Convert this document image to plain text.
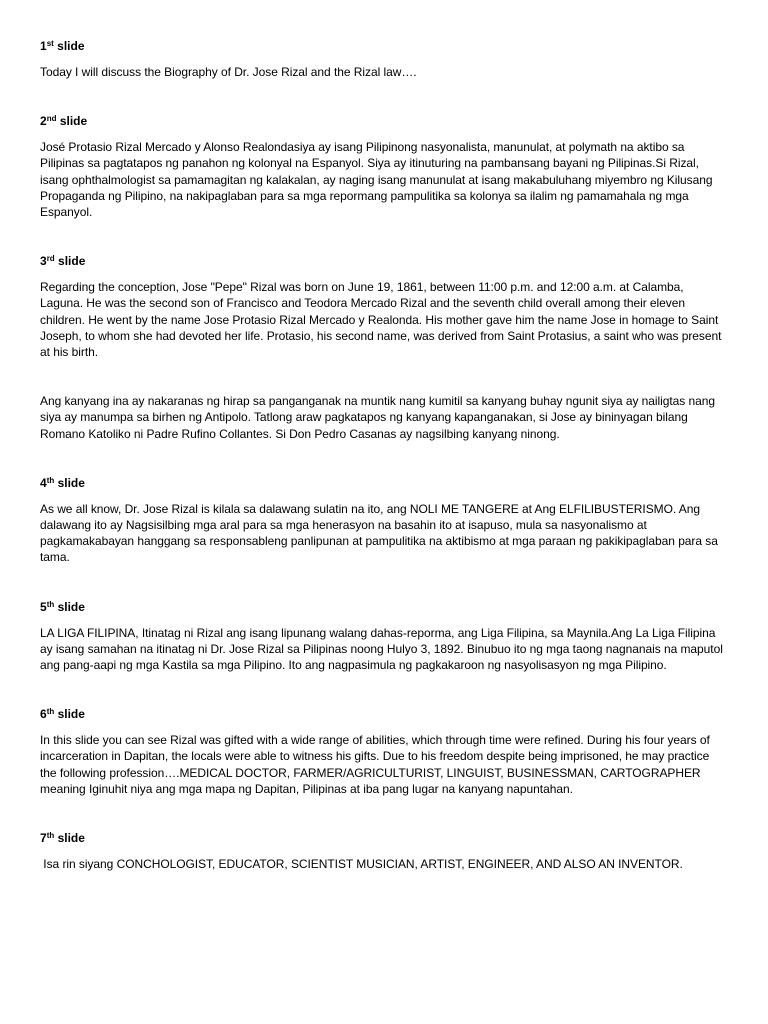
1st slide

Today I will discuss the Biography of Dr. Jose Rizal and the Rizal law….

2nd slide

José Protasio Rizal Mercado y Alonso Realondasiya ay isang Pilipinong nasyonalista, manunulat, at polymath na aktibo sa Pilipinas sa pagtatapos ng panahon ng kolonyal na Espanyol. Siya ay itinuturing na pambansang bayani ng Pilipinas.Si Rizal, isang ophthalmologist sa pamamagitan ng kalakalan, ay naging isang manunulat at isang makabuluhang miyembro ng Kilusang Propaganda ng Pilipino, na nakipaglaban para sa mga repormang pampulitika sa kolonya sa ilalim ng pamamahala ng mga Espanyol.

3rd slide

Regarding the conception, Jose "Pepe" Rizal was born on June 19, 1861, between 11:00 p.m. and 12:00 a.m. at Calamba, Laguna. He was the second son of Francisco and Teodora Mercado Rizal and the seventh child overall among their eleven children. He went by the name Jose Protasio Rizal Mercado y Realonda. His mother gave him the name Jose in homage to Saint Joseph, to whom she had devoted her life. Protasio, his second name, was derived from Saint Protasius, a saint who was present at his birth.

Ang kanyang ina ay nakaranas ng hirap sa panganganak na muntik nang kumitil sa kanyang buhay ngunit siya ay nailigtas nang siya ay manumpa sa birhen ng Antipolo. Tatlong araw pagkatapos ng kanyang kapanganakan, si Jose ay bininyagan bilang Romano Katoliko ni Padre Rufino Collantes. Si Don Pedro Casanas ay nagsilbing kanyang ninong.

4th slide

As we all know, Dr. Jose Rizal is kilala sa dalawang sulatin na ito, ang NOLI ME TANGERE at Ang ELFILIBUSTERISMO. Ang dalawang ito ay Nagsisilbing mga aral para sa mga henerasyon na basahin ito at isapuso, mula sa nasyonalismo at pagkamakabayan hanggang sa responsableng panlipunan at pampulitika na aktibismo at mga paraan ng pakikipaglaban para sa tama.

5th slide

LA LIGA FILIPINA, Itinatag ni Rizal ang isang lipunang walang dahas-reporma, ang Liga Filipina, sa Maynila.Ang La Liga Filipina ay isang samahan na itinatag ni Dr. Jose Rizal sa Pilipinas noong Hulyo 3, 1892. Binubuo ito ng mga taong nagnanais na maputol ang pang-aapi ng mga Kastila sa mga Pilipino. Ito ang nagpasimula ng pagkakaroon ng nasyolisasyon ng mga Pilipino.

6th slide

In this slide you can see Rizal was gifted with a wide range of abilities, which through time were refined. During his four years of incarceration in Dapitan, the locals were able to witness his gifts. Due to his freedom despite being imprisoned, he may practice the following profession….MEDICAL DOCTOR, FARMER/AGRICULTURIST, LINGUIST, BUSINESSMAN, CARTOGRAPHER meaning Iginuhit niya ang mga mapa ng Dapitan, Pilipinas at iba pang lugar na kanyang napuntahan.

7th slide

Isa rin siyang CONCHOLOGIST, EDUCATOR, SCIENTIST MUSICIAN, ARTIST, ENGINEER, AND ALSO AN INVENTOR.
